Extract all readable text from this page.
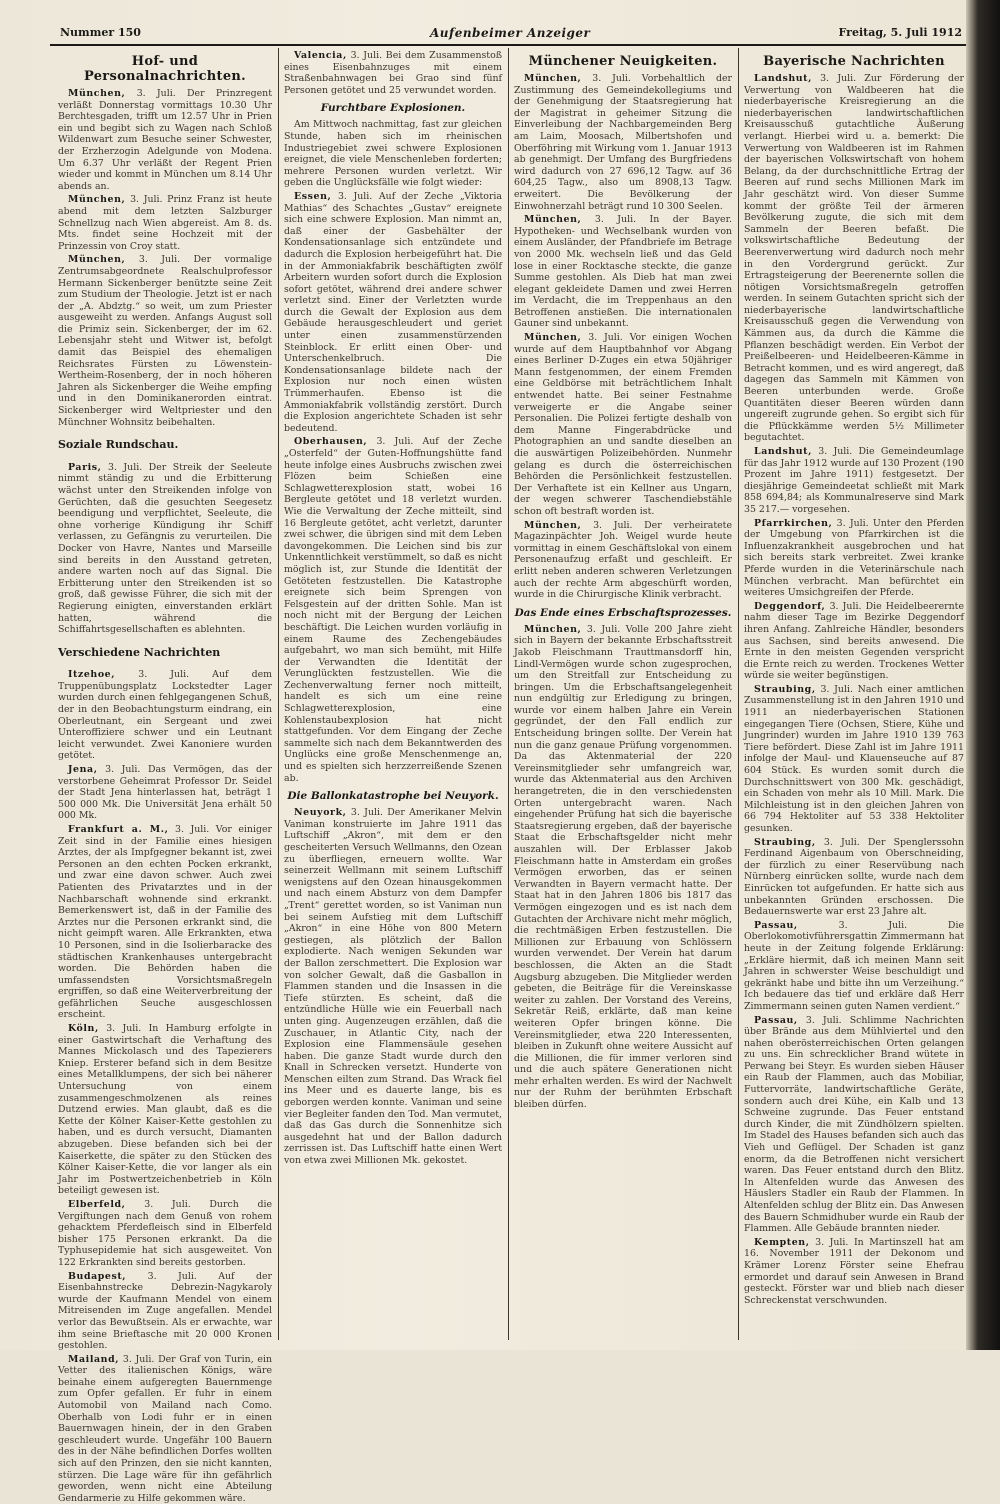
Nummer 150	Aufenbeimer Anzeiger	Freitag, 5. Juli 1912
Hof- und Personalnachrichten.

München, 3. Juli. Der Prinzregent verläßt Donnerstag vormittags 10.30 Uhr Berchtesgaden, trifft um 12.57 Uhr in Prien ein und begibt sich zu Wagen nach Schloß Wildenwart zum Besuche seiner Schwester, der Erzherzogin Adelgunde von Modena. Um 6.37 Uhr verläßt der Regent Prien wieder und kommt in München um 8.14 Uhr abends an.

München, 3. Juli. Prinz Franz ist heute abend mit dem letzten Salzburger Schnellzug nach Wien abgereist. Am 8. ds. Mts. findet seine Hochzeit mit der Prinzessin von Croy statt.

München, 3. Juli. Der vormalige Zentrumsabgeordnete Realschulprofessor Hermann Sickenberger benützte seine Zeit zum Studium der Theologie. Jetzt ist er nach der „A. Abdztg.“ so weit, um zum Priester ausgeweiht zu werden. Anfangs August soll die Primiz sein. Sickenberger, der im 62. Lebensjahr steht und Witwer ist, befolgt damit das Beispiel des ehemaligen Reichsrates Fürsten zu Löwenstein-Wertheim-Rosenberg, der in noch höheren Jahren als Sickenberger die Weihe empfing und in den Dominikanerorden eintrat. Sickenberger wird Weltpriester und den Münchner Wohnsitz beibehalten.

Soziale Rundschau.

Paris, 3. Juli. Der Streik der Seeleute nimmt ständig zu und die Erbitterung wächst unter den Streikenden infolge von Gerüchten, daß die gesuchten Seegesetz beendigung und verpflichtet, Seeleute, die ohne vorherige Kündigung ihr Schiff verlassen, zu Gefängnis zu verurteilen. Die Docker von Havre, Nantes und Marseille sind bereits in den Ausstand getreten, andere warten noch auf das Signal. Die Erbitterung unter den Streikenden ist so groß, daß gewisse Führer, die sich mit der Regierung einigten, einverstanden erklärt hatten, während die Schiffahrtsgesellschaften es ablehnten.

Verschiedene Nachrichten

Itzehoe, 3. Juli. Auf dem Truppenübungsplatz Lockstedter Lager wurden durch einen fehlgegangenen Schuß, der in den Beobachtungsturm eindrang, ein Oberleutnant, ein Sergeant und zwei Unteroffiziere schwer und ein Leutnant leicht verwundet. Zwei Kanoniere wurden getötet.

Jena, 3. Juli. Das Vermögen, das der verstorbene Geheimrat Professor Dr. Seidel der Stadt Jena hinterlassen hat, beträgt 1 500 000 Mk. Die Universität Jena erhält 50 000 Mk.

Frankfurt a. M., 3. Juli. Vor einiger Zeit sind in der Familie eines hiesigen Arztes, der als Impfgegner bekannt ist, zwei Personen an den echten Pocken erkrankt, und zwar eine davon schwer. Auch zwei Patienten des Privatarztes und in der Nachbarschaft wohnende sind erkrankt. Bemerkenswert ist, daß in der Familie des Arztes nur die Personen erkrankt sind, die nicht geimpft waren. Alle Erkrankten, etwa 10 Personen, sind in die Isolierbaracke des städtischen Krankenhauses untergebracht worden. Die Behörden haben die umfassendsten Vorsichtsmaßregeln ergriffen, so daß eine Weiterverbreitung der gefährlichen Seuche ausgeschlossen erscheint.

Köln, 3. Juli. In Hamburg erfolgte in einer Gastwirtschaft die Verhaftung des Mannes Mickolasch und des Tapezierers Kniep. Ersterer befand sich in dem Besitze eines Metallklumpens, der sich bei näherer Untersuchung von einem zusammengeschmolzenen als reines Dutzend erwies. Man glaubt, daß es die Kette der Kölner Kaiser-Kette gestohlen zu haben, und es durch versucht, Diamanten abzugeben. Diese befanden sich bei der Kaiserkette, die später zu den Stücken des Kölner Kaiser-Kette, die vor langer als ein Jahr im Postwertzeichenbetrieb in Köln beteiligt gewesen ist.

Elberfeld, 3. Juli. Durch die Vergiftungen nach dem Genuß von rohem gehacktem Pferdefleisch sind in Elberfeld bisher 175 Personen erkrankt. Da die Typhusepidemie hat sich ausgeweitet. Von 122 Erkrankten sind bereits gestorben.

Budapest, 3. Juli. Auf der Eisenbahnstrecke Debrezin-Nagykaroly wurde der Kaufmann Mendel von einem Mitreisenden im Zuge angefallen. Mendel verlor das Bewußtsein. Als er erwachte, war ihm seine Brieftasche mit 20 000 Kronen gestohlen.

Mailand, 3. Juli. Der Graf von Turin, ein Vetter des italienischen Königs, wäre beinahe einem aufgeregten Bauernmenge zum Opfer gefallen. Er fuhr in einem Automobil von Mailand nach Como. Oberhalb von Lodi fuhr er in einen Bauernwagen hinein, der in den Graben geschleudert wurde. Ungefähr 100 Bauern des in der Nähe befindlichen Dorfes wollten sich auf den Prinzen, den sie nicht kannten, stürzen. Die Lage wäre für ihn gefährlich geworden, wenn nicht eine Abteilung Gendarmerie zu Hilfe gekommen wäre.

Valencia, 3. Juli. Bei dem Zusammenstoß eines Eisenbahnzuges mit einem Straßenbahnwagen bei Grao sind fünf Personen getötet und 25 verwundet worden.

Furchtbare Explosionen.

Am Mittwoch nachmittag, fast zur gleichen Stunde, haben sich im rheinischen Industriegebiet zwei schwere Explosionen ereignet, die viele Menschenleben forderten; mehrere Personen wurden verletzt. Wir geben die Unglücksfälle wie folgt wieder:

Essen, 3. Juli. Auf der Zeche „Viktoria Mathias“ des Schachtes „Gustav“ ereignete sich eine schwere Explosion. Man nimmt an, daß einer der Gasbehälter der Kondensationsanlage sich entzündete und dadurch die Explosion herbeigeführt hat. Die in der Ammoniakfabrik beschäftigten zwölf Arbeitern wurden sofort durch die Explosion sofort getötet, während drei andere schwer verletzt sind. Einer der Verletzten wurde durch die Gewalt der Explosion aus dem Gebäude herausgeschleudert und geriet unter einen zusammenstürzenden Steinblock. Er erlitt einen Ober- und Unterschenkelbruch. Die Kondensationsanlage bildete nach der Explosion nur noch einen wüsten Trümmerhaufen. Ebenso ist die Ammoniakfabrik vollständig zerstört. Durch die Explosion angerichtete Schaden ist sehr bedeutend.

Oberhausen, 3. Juli. Auf der Zeche „Osterfeld“ der Guten-Hoffnungshütte fand heute infolge eines Ausbruchs zwischen zwei Flözen beim Schießen eine Schlagwetterexplosion statt, wobei 16 Bergleute getötet und 18 verletzt wurden. Wie die Verwaltung der Zeche mitteilt, sind 16 Bergleute getötet, acht verletzt, darunter zwei schwer, die übrigen sind mit dem Leben davongekommen. Die Leichen sind bis zur Unkenntlichkeit verstümmelt, so daß es nicht möglich ist, zur Stunde die Identität der Getöteten festzustellen. Die Katastrophe ereignete sich beim Sprengen von Felsgestein auf der dritten Sohle. Man ist noch nicht mit der Bergung der Leichen beschäftigt. Die Leichen wurden vorläufig in einem Raume des Zechengebäudes aufgebahrt, wo man sich bemüht, mit Hilfe der Verwandten die Identität der Verunglückten festzustellen. Wie die Zechenverwaltung ferner noch mitteilt, handelt es sich um eine reine Schlagwetterexplosion, eine Kohlenstaubexplosion hat nicht stattgefunden. Vor dem Eingang der Zeche sammelte sich nach dem Bekanntwerden des Unglücks eine große Menschenmenge an, und es spielten sich herzzerreißende Szenen ab.

Die Ballonkatastrophe bei Neuyork.

Neuyork, 3. Juli. Der Amerikaner Melvin Vaniman konstruierte im Jahre 1911 das Luftschiff „Akron“, mit dem er den gescheiterten Versuch Wellmanns, den Ozean zu überfliegen, erneuern wollte. War seinerzeit Wellmann mit seinem Luftschiff wenigstens auf den Ozean hinausgekommen und nach einem Absturz von dem Dampfer „Trent“ gerettet worden, so ist Vaniman nun bei seinem Aufstieg mit dem Luftschiff „Akron“ in eine Höhe von 800 Metern gestiegen, als plötzlich der Ballon explodierte. Nach wenigen Sekunden war der Ballon zerschmettert. Die Explosion war von solcher Gewalt, daß die Gasballon in Flammen standen und die Insassen in die Tiefe stürzten. Es scheint, daß die entzündliche Hülle wie ein Feuerball nach unten ging. Augenzeugen erzählen, daß die Zuschauer, in Atlantic City, nach der Explosion eine Flammensäule gesehen haben. Die ganze Stadt wurde durch den Knall in Schrecken versetzt. Hunderte von Menschen eilten zum Strand. Das Wrack fiel ins Meer und es dauerte lange, bis es geborgen werden konnte. Vaniman und seine vier Begleiter fanden den Tod. Man vermutet, daß das Gas durch die Sonnenhitze sich ausgedehnt hat und der Ballon dadurch zerrissen ist. Das Luftschiff hatte einen Wert von etwa zwei Millionen Mk. gekostet.

Münchener Neuigkeiten.

München, 3. Juli. Vorbehaltlich der Zustimmung des Gemeindekollegiums und der Genehmigung der Staatsregierung hat der Magistrat in geheimer Sitzung die Einverleibung der Nachbargemeinden Berg am Laim, Moosach, Milbertshofen und Oberföhring mit Wirkung vom 1. Januar 1913 ab genehmigt. Der Umfang des Burgfriedens wird dadurch von 27 696,12 Tagw. auf 36 604,25 Tagw., also um 8908,13 Tagw. erweitert. Die Bevölkerung der Einwohnerzahl beträgt rund 10 300 Seelen.

München, 3. Juli. In der Bayer. Hypotheken- und Wechselbank wurden von einem Ausländer, der Pfandbriefe im Betrage von 2000 Mk. wechseln ließ und das Geld lose in einer Rocktasche steckte, die ganze Summe gestohlen. Als Dieb hat man zwei elegant gekleidete Damen und zwei Herren im Verdacht, die im Treppenhaus an den Betroffenen anstießen. Die internationalen Gauner sind unbekannt.

München, 3. Juli. Vor einigen Wochen wurde auf dem Hauptbahnhof vor Abgang eines Berliner D-Zuges ein etwa 50jähriger Mann festgenommen, der einem Fremden eine Geldbörse mit beträchtlichem Inhalt entwendet hatte. Bei seiner Festnahme verweigerte er die Angabe seiner Personalien. Die Polizei fertigte deshalb von dem Manne Fingerabdrücke und Photographien an und sandte dieselben an die auswärtigen Polizeibehörden. Nunmehr gelang es durch die österreichischen Behörden die Persönlichkeit festzustellen. Der Verhaftete ist ein Kellner aus Ungarn, der wegen schwerer Taschendiebstähle schon oft bestraft worden ist.

München, 3. Juli. Der verheiratete Magazinpächter Joh. Weigel wurde heute vormittag in einem Geschäftslokal von einem Personenaufzug erfaßt und geschleift. Er erlitt neben anderen schweren Verletzungen auch der rechte Arm abgeschürft worden, wurde in die Chirurgische Klinik verbracht.

Das Ende eines Erbschaftsprozesses.

München, 3. Juli. Volle 200 Jahre zieht sich in Bayern der bekannte Erbschaftsstreit Jakob Fleischmann Trauttmansdorff hin, Lindl-Vermögen wurde schon zugesprochen, um den Streitfall zur Entscheidung zu bringen. Um die Erbschaftsangelegenheit nun endgültig zur Erledigung zu bringen, wurde vor einem halben Jahre ein Verein gegründet, der den Fall endlich zur Entscheidung bringen sollte. Der Verein hat nun die ganz genaue Prüfung vorgenommen. Da das Aktenmaterial der 220 Vereinsmitglieder sehr umfangreich war, wurde das Aktenmaterial aus den Archiven herangetreten, die in den verschiedensten Orten untergebracht waren. Nach eingehender Prüfung hat sich die bayerische Staatsregierung ergeben, daß der bayerische Staat die Erbschaftsgelder nicht mehr auszahlen will. Der Erblasser Jakob Fleischmann hatte in Amsterdam ein großes Vermögen erworben, das er seinen Verwandten in Bayern vermacht hatte. Der Staat hat in den Jahren 1806 bis 1817 das Vermögen eingezogen und es ist nach dem Gutachten der Archivare nicht mehr möglich, die rechtmäßigen Erben festzustellen. Die Millionen zur Erbauung von Schlössern wurden verwendet. Der Verein hat darum beschlossen, die Akten an die Stadt Augsburg abzugeben. Die Mitglieder werden gebeten, die Beiträge für die Vereinskasse weiter zu zahlen. Der Vorstand des Vereins, Sekretär Reiß, erklärte, daß man keine weiteren Opfer bringen könne. Die Vereinsmitglieder, etwa 220 Interessenten, bleiben in Zukunft ohne weitere Aussicht auf die Millionen, die für immer verloren sind und die auch spätere Generationen nicht mehr erhalten werden. Es wird der Nachwelt nur der Ruhm der berühmten Erbschaft bleiben dürfen.

Bayerische Nachrichten

Landshut, 3. Juli. Zur Förderung der Verwertung von Waldbeeren hat die niederbayerische Kreisregierung an die niederbayerischen landwirtschaftlichen Kreisausschuß gutachtliche Äußerung verlangt. Hierbei wird u. a. bemerkt: Die Verwertung von Waldbeeren ist im Rahmen der bayerischen Volkswirtschaft von hohem Belang, da der durchschnittliche Ertrag der Beeren auf rund sechs Millionen Mark im Jahr geschätzt wird. Von dieser Summe kommt der größte Teil der ärmeren Bevölkerung zugute, die sich mit dem Sammeln der Beeren befaßt. Die volkswirtschaftliche Bedeutung der Beerenverwertung wird dadurch noch mehr in den Vordergrund gerückt. Zur Ertragsteigerung der Beerenernte sollen die nötigen Vorsichtsmaßregeln getroffen werden. In seinem Gutachten spricht sich der niederbayerische landwirtschaftliche Kreisausschuß gegen die Verwendung von Kämmen aus, da durch die Kämme die Pflanzen beschädigt werden. Ein Verbot der Preißelbeeren- und Heidelbeeren-Kämme in Betracht kommen, und es wird angeregt, daß dagegen das Sammeln mit Kämmen von Beeren unterbunden werde. Große Quantitäten dieser Beeren würden dann ungereift zugrunde gehen. So ergibt sich für die Pflückkämme werden 5½ Millimeter begutachtet.

Landshut, 3. Juli. Die Gemeindeumlage für das Jahr 1912 wurde auf 130 Prozent (190 Prozent im Jahre 1911) festgesetzt. Der diesjährige Gemeindeetat schließt mit Mark 858 694,84; als Kommunalreserve sind Mark 35 217.— vorgesehen.

Pfarrkirchen, 3. Juli. Unter den Pferden der Umgebung von Pfarrkirchen ist die Influenzakrankheit ausgebrochen und hat sich bereits stark verbreitet. Zwei kranke Pferde wurden in die Veterinärschule nach München verbracht. Man befürchtet ein weiteres Umsichgreifen der Pferde.

Deggendorf, 3. Juli. Die Heidelbeerernte nahm dieser Tage im Bezirke Deggendorf ihren Anfang. Zahlreiche Händler, besonders aus Sachsen, sind bereits anwesend. Die Ernte in den meisten Gegenden verspricht die Ernte reich zu werden. Trockenes Wetter würde sie weiter begünstigen.

Straubing, 3. Juli. Nach einer amtlichen Zusammenstellung ist in den Jahren 1910 und 1911 an niederbayerischen Stationen eingegangen Tiere (Ochsen, Stiere, Kühe und Jungrinder) wurden im Jahre 1910 139 763 Tiere befördert. Diese Zahl ist im Jahre 1911 infolge der Maul- und Klauenseuche auf 87 604 Stück. Es wurden somit durch die Durchschnittswert von 300 Mk. geschädigt, ein Schaden von mehr als 10 Mill. Mark. Die Milchleistung ist in den gleichen Jahren von 66 794 Hektoliter auf 53 338 Hektoliter gesunken.

Straubing, 3. Juli. Der Spenglerssohn Ferdinand Aigenbaum von Oberschneiding, der fürzlich zu einer Reservübung nach Nürnberg einrücken sollte, wurde nach dem Einrücken tot aufgefunden. Er hatte sich aus unbekannten Gründen erschossen. Die Bedauernswerte war erst 23 Jahre alt.

Passau,	3. Juli. Die Oberlokomotivführersgattin Zimmermann hat heute in der Zeitung folgende Erklärung: „Erkläre hiermit, daß ich meinen Mann seit Jahren in schwerster Weise beschuldigt und gekränkt habe und bitte ihn um Verzeihung.“ Ich bedauere das tief und erkläre daß Herr Zimmermann seinen guten Namen verdient.“

Passau, 3. Juli. Schlimme Nachrichten über Brände aus dem Mühlviertel und den nahen oberösterreichischen Orten gelangen zu uns. Ein schrecklicher Brand wütete in Perwang bei Steyr. Es wurden sieben Häuser ein Raub der Flammen, auch das Mobiliar, Futtervorräte, landwirtschaftliche Geräte, sondern auch drei Kühe, ein Kalb und 13 Schweine zugrunde. Das Feuer entstand durch Kinder, die mit Zündhölzern spielten. Im Stadel des Hauses befanden sich auch das Vieh und Geflügel. Der Schaden ist ganz enorm, da die Betroffenen nicht versichert waren. Das Feuer entstand durch den Blitz. In Altenfelden wurde das Anwesen des Häuslers Stadler ein Raub der Flammen. In Altenfelden schlug der Blitz ein. Das Anwesen des Bauern Schmidhuber wurde ein Raub der Flammen. Alle Gebäude brannten nieder.

Kempten, 3. Juli. In Martinszell hat am 16. November 1911 der Dekonom und Krämer Lorenz Förster seine Ehefrau ermordet und darauf sein Anwesen in Brand gesteckt. Förster war und blieb nach dieser Schreckenstat verschwunden.
